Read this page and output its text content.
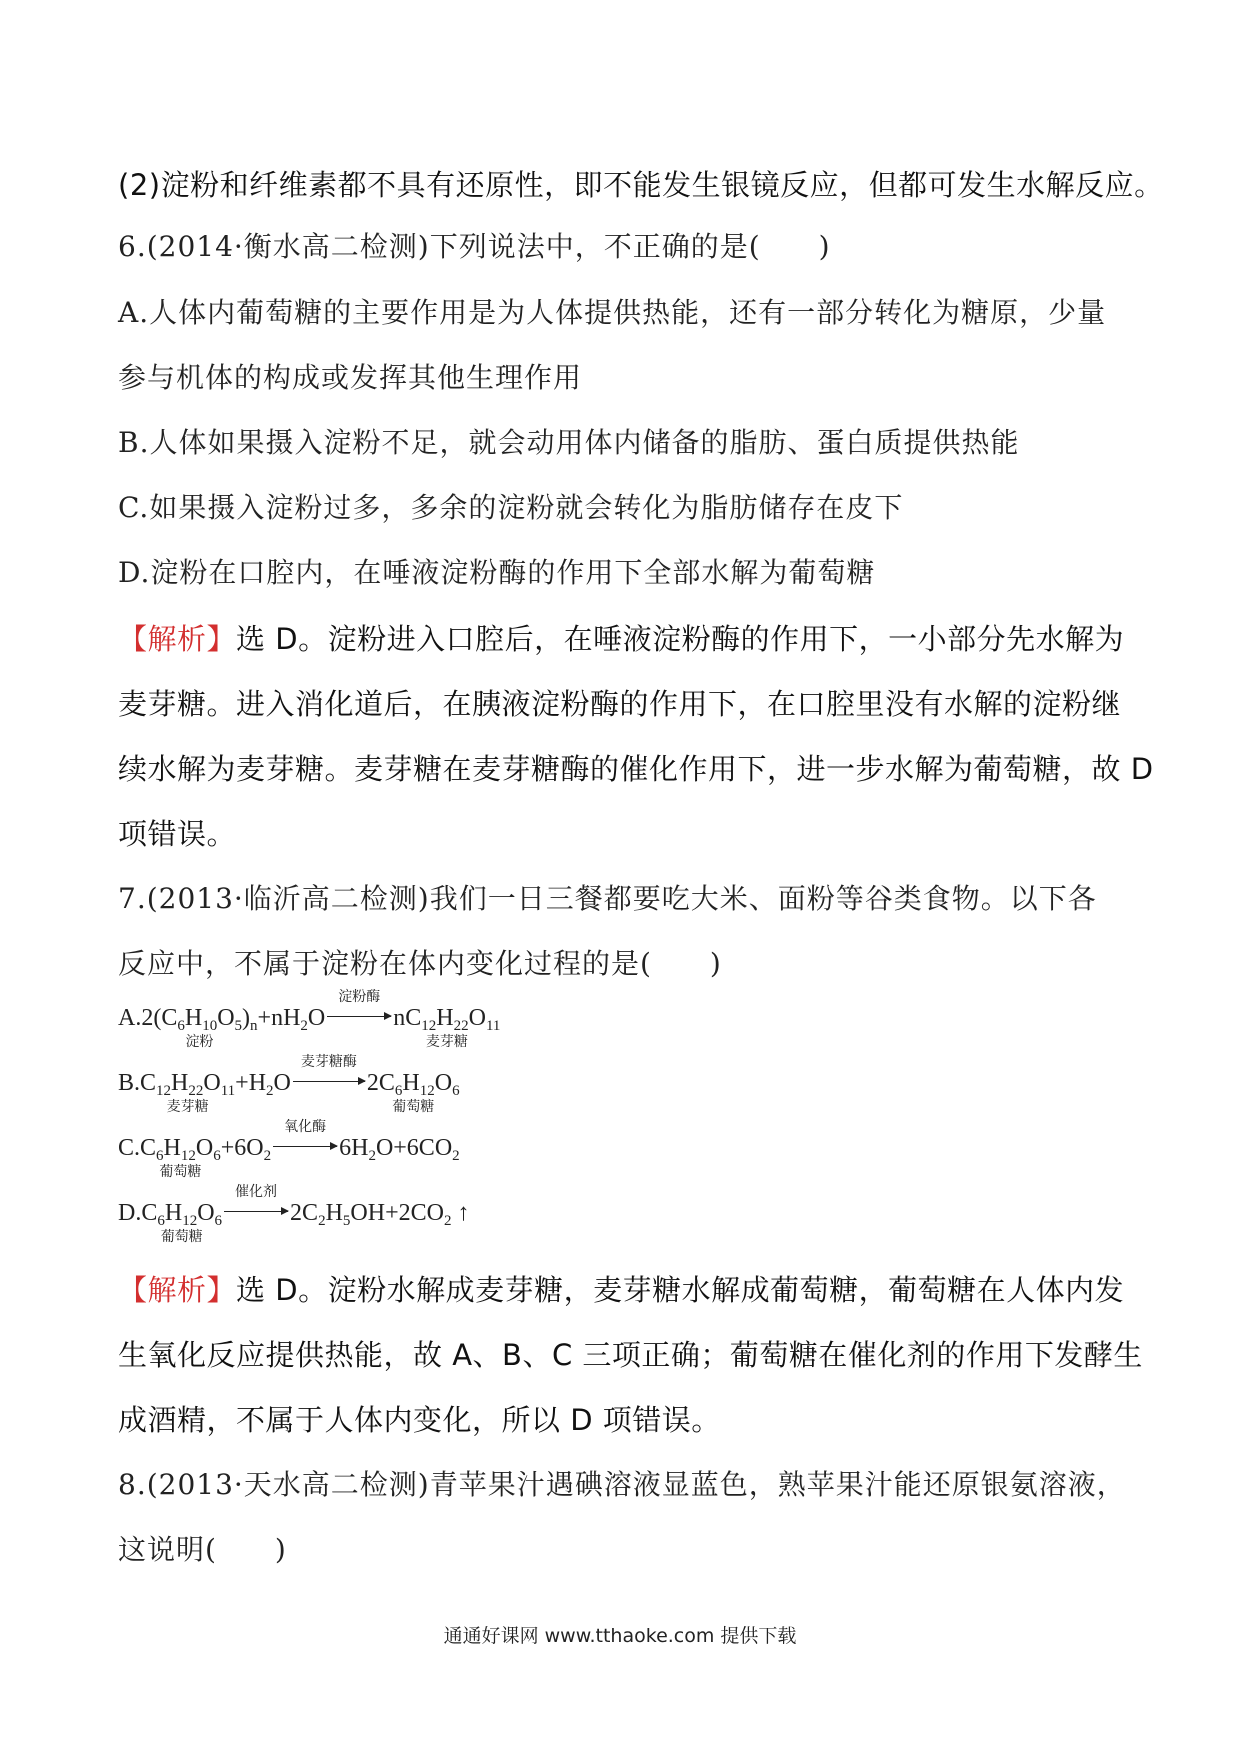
(2)淀粉和纤维素都不具有还原性，即不能发生银镜反应，但都可发生水解反应。
6.(2014·衡水高二检测)下列说法中，不正确的是(　　)
A.人体内葡萄糖的主要作用是为人体提供热能，还有一部分转化为糖原，少量
参与机体的构成或发挥其他生理作用
B.人体如果摄入淀粉不足，就会动用体内储备的脂肪、蛋白质提供热能
C.如果摄入淀粉过多，多余的淀粉就会转化为脂肪储存在皮下
D.淀粉在口腔内，在唾液淀粉酶的作用下全部水解为葡萄糖
【解析】选 D。淀粉进入口腔后，在唾液淀粉酶的作用下，一小部分先水解为
麦芽糖。进入消化道后，在胰液淀粉酶的作用下，在口腔里没有水解的淀粉继
续水解为麦芽糖。麦芽糖在麦芽糖酶的催化作用下，进一步水解为葡萄糖，故 D
项错误。
7.(2013·临沂高二检测)我们一日三餐都要吃大米、面粉等谷类食物。以下各
反应中，不属于淀粉在体内变化过程的是(　　)
$A.2(C_6H_{10}O_5)_n$
淀粉
$+nH_2O$
淀粉酶
$nC_{12}H_{22}O_{11}$
麦芽糖
$B.C_{12}H_{22}O_{11}$
麦芽糖
$+H_2O$
麦芽糖酶
$2C_6H_{12}O_6$
葡萄糖
$C.C_6H_{12}O_6$
葡萄糖
$+6O_2$
氧化酶
$6H_2O+6CO_2$
$D.C_6H_{12}O_6$
葡萄糖
催化剂
$2C_2H_5OH+2CO_2$ ↑
【解析】选 D。淀粉水解成麦芽糖，麦芽糖水解成葡萄糖，葡萄糖在人体内发
生氧化反应提供热能，故 A、B、C 三项正确；葡萄糖在催化剂的作用下发酵生
成酒精，不属于人体内变化，所以 D 项错误。
8.(2013·天水高二检测)青苹果汁遇碘溶液显蓝色，熟苹果汁能还原银氨溶液，
这说明(　　)
通通好课网 www.tthaoke.com 提供下载
